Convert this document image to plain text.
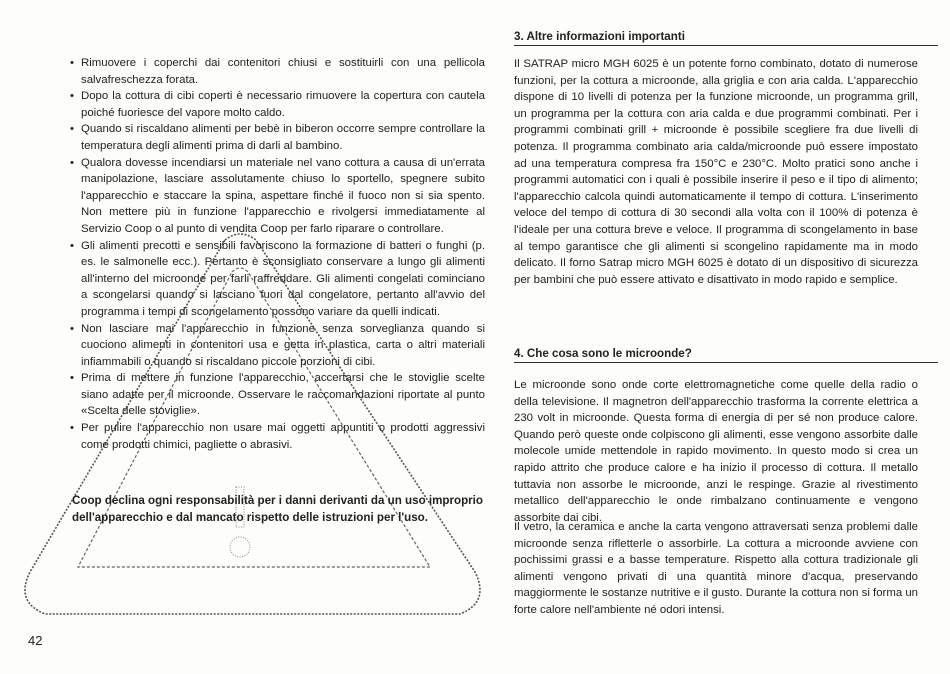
• Rimuovere i coperchi dai contenitori chiusi e sostituirli con una pellicola salvafreschezza forata.
• Dopo la cottura di cibi coperti è necessario rimuovere la copertura con cautela poiché fuoriesce del vapore molto caldo.
• Quando si riscaldano alimenti per bebè in biberon occorre sempre controllare la temperatura degli alimenti prima di darli al bambino.
• Qualora dovesse incendiarsi un materiale nel vano cottura a causa di un'errata manipolazione, lasciare assolutamente chiuso lo sportello, spegnere subito l'apparecchio e staccare la spina, aspettare finché il fuoco non si sia spento. Non mettere più in funzione l'apparecchio e rivolgersi immediatamente al Servizio Coop o al punto di vendita Coop per farlo riparare o controllare.
• Gli alimenti precotti e sensibili favoriscono la formazione di batteri o funghi (p. es. le salmonelle ecc.). Pertanto è sconsigliato conservare a lungo gli alimenti all'interno del microonde per farli raffreddare. Gli alimenti congelati cominciano a scongelarsi quando si lasciano fuori dal congelatore, pertanto all'avvio del programma i tempi di scongelamento possono variare da quelli indicati.
• Non lasciare mai l'apparecchio in funzione senza sorveglianza quando si cuociono alimenti in contenitori usa e getta in plastica, carta o altri materiali infiammabili o quando si riscaldano piccole porzioni di cibi.
• Prima di mettere in funzione l'apparecchio, accertarsi che le stoviglie scelte siano adatte per il microonde. Osservare le raccomandazioni riportate al punto «Scelta delle stoviglie».
• Per pulire l'apparecchio non usare mai oggetti appuntiti o prodotti aggressivi come prodotti chimici, pagliette o abrasivi.
Coop declina ogni responsabilità per i danni derivanti da un uso improprio dell'apparecchio e dal mancato rispetto delle istruzioni per l'uso.
42
3. Altre informazioni importanti

Il SATRAP micro MGH 6025 è un potente forno combinato, dotato di numerose funzioni, per la cottura a microonde, alla griglia e con aria calda. L'apparecchio dispone di 10 livelli di potenza per la funzione microonde, un programma grill, un programma per la cottura con aria calda e due programmi combinati. Per i programmi combinati grill + microonde è possibile scegliere fra due livelli di potenza. Il programma combinato aria calda/microonde può essere impostato ad una temperatura compresa fra 150°C e 230°C. Molto pratici sono anche i programmi automatici con i quali è possibile inserire il peso e il tipo di alimento; l'apparecchio calcola quindi automaticamente il tempo di cottura. L'inserimento veloce del tempo di cottura di 30 secondi alla volta con il 100% di potenza è l'ideale per una cottura breve e veloce. Il programma di scongelamento in base al tempo garantisce che gli alimenti si scongelino rapidamente ma in modo delicato. Il forno Satrap micro MGH 6025 è dotato di un dispositivo di sicurezza per bambini che può essere attivato e disattivato in modo rapido e semplice.

4. Che cosa sono le microonde?

Le microonde sono onde corte elettromagnetiche come quelle della radio o della televisione. Il magnetron dell'apparecchio trasforma la corrente elettrica a 230 volt in microonde. Questa forma di energia di per sé non produce calore. Quando però queste onde colpiscono gli alimenti, esse vengono assorbite dalle molecole umide mettendole in rapido movimento. In questo modo si crea un rapido attrito che produce calore e ha inizio il processo di cottura. Il metallo tuttavia non assorbe le microonde, anzi le respinge. Grazie al rivestimento metallico dell'apparecchio le onde rimbalzano continuamente e vengono assorbite dai cibi.

Il vetro, la ceramica e anche la carta vengono attraversati senza problemi dalle microonde senza rifletterle o assorbirle. La cottura a microonde avviene con pochissimi grassi e a basse temperature. Rispetto alla cottura tradizionale gli alimenti vengono privati di una quantità minore d'acqua, preservando maggiormente le sostanze nutritive e il gusto. Durante la cottura non si forma un forte calore nell'ambiente né odori intensi.
